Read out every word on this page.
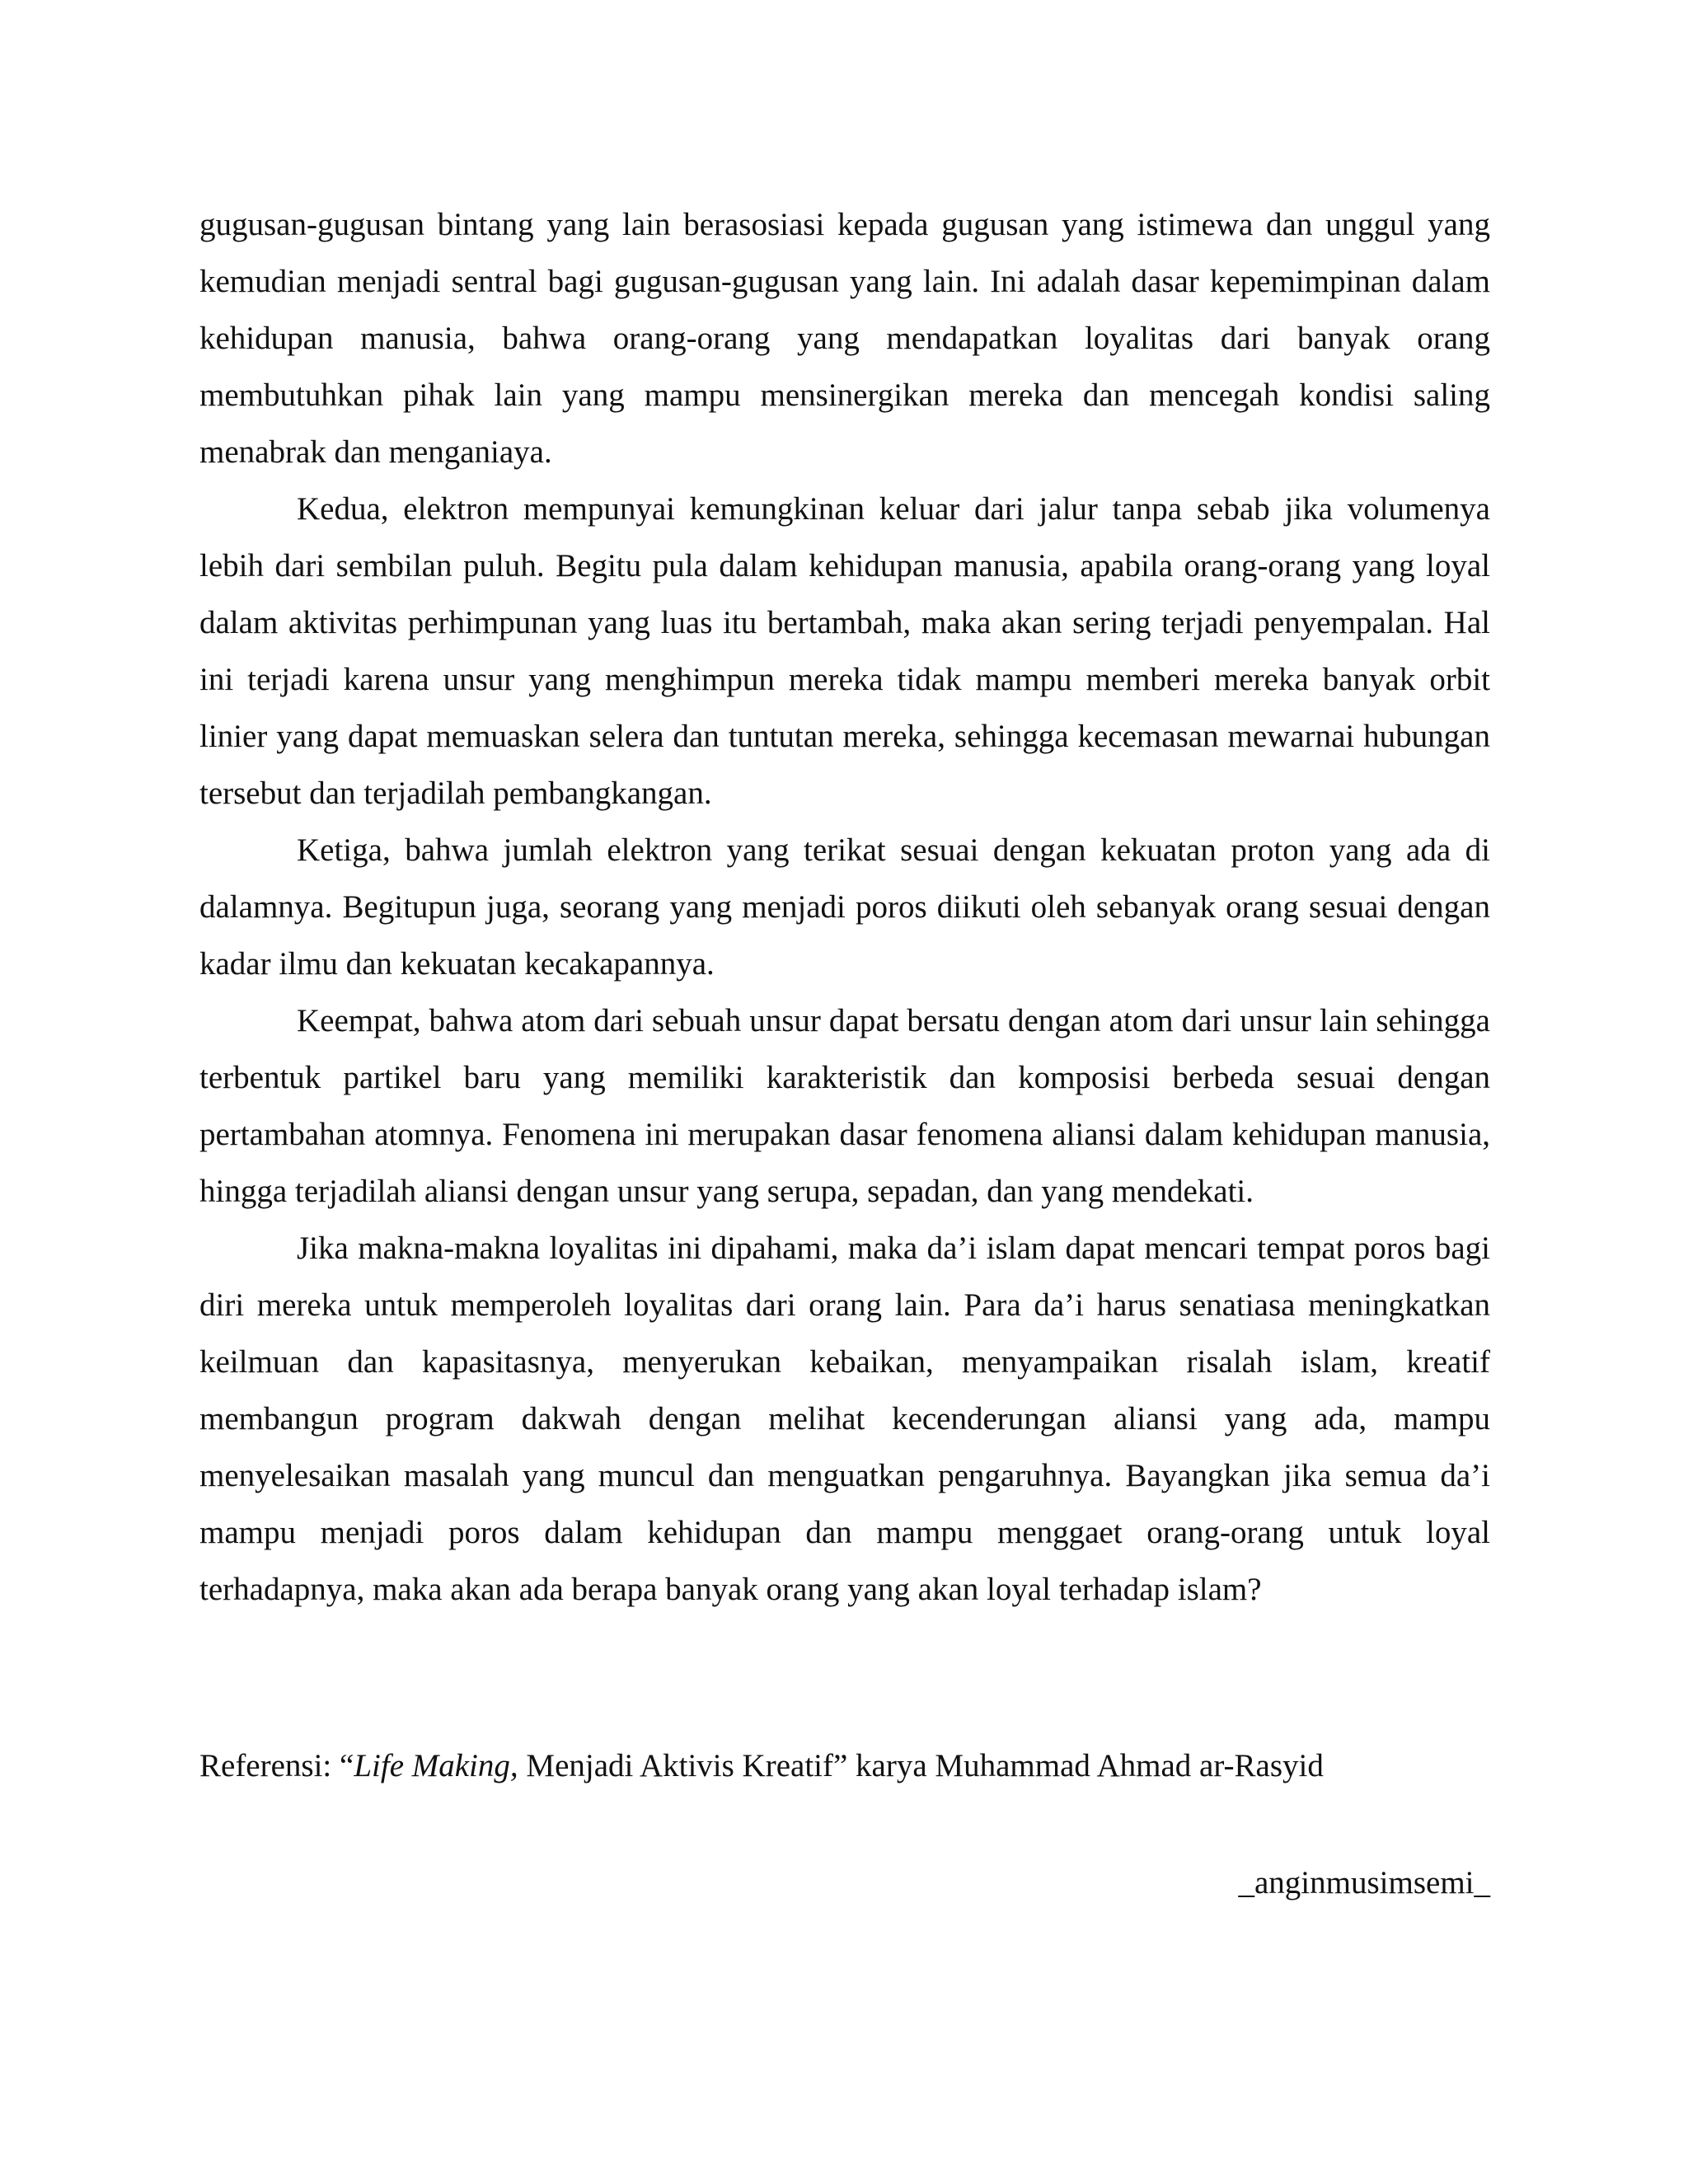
gugusan-gugusan bintang yang lain berasosiasi kepada gugusan yang istimewa dan unggul yang kemudian menjadi sentral bagi gugusan-gugusan yang lain. Ini adalah dasar kepemimpinan dalam kehidupan manusia, bahwa orang-orang yang mendapatkan loyalitas dari banyak orang membutuhkan pihak lain yang mampu mensinergikan mereka dan mencegah kondisi saling menabrak dan menganiaya.

Kedua, elektron mempunyai kemungkinan keluar dari jalur tanpa sebab jika volumenya lebih dari sembilan puluh. Begitu pula dalam kehidupan manusia, apabila orang-orang yang loyal dalam aktivitas perhimpunan yang luas itu bertambah, maka akan sering terjadi penyempalan. Hal ini terjadi karena unsur yang menghimpun mereka tidak mampu memberi mereka banyak orbit linier yang dapat memuaskan selera dan tuntutan mereka, sehingga kecemasan mewarnai hubungan tersebut dan terjadilah pembangkangan.

Ketiga, bahwa jumlah elektron yang terikat sesuai dengan kekuatan proton yang ada di dalamnya. Begitupun juga, seorang yang menjadi poros diikuti oleh sebanyak orang sesuai dengan kadar ilmu dan kekuatan kecakapannya.

Keempat, bahwa atom dari sebuah unsur dapat bersatu dengan atom dari unsur lain sehingga terbentuk partikel baru yang memiliki karakteristik dan komposisi berbeda sesuai dengan pertambahan atomnya. Fenomena ini merupakan dasar fenomena aliansi dalam kehidupan manusia, hingga terjadilah aliansi dengan unsur yang serupa, sepadan, dan yang mendekati.

Jika makna-makna loyalitas ini dipahami, maka da’i islam dapat mencari tempat poros bagi diri mereka untuk memperoleh loyalitas dari orang lain. Para da’i harus senatiasa meningkatkan keilmuan dan kapasitasnya, menyerukan kebaikan, menyampaikan risalah islam, kreatif membangun program dakwah dengan melihat kecenderungan aliansi yang ada, mampu menyelesaikan masalah yang muncul dan menguatkan pengaruhnya. Bayangkan jika semua da’i mampu menjadi poros dalam kehidupan dan mampu menggaet orang-orang untuk loyal terhadapnya, maka akan ada berapa banyak orang yang akan loyal terhadap islam?

Referensi: “Life Making, Menjadi Aktivis Kreatif” karya Muhammad Ahmad ar-Rasyid
_anginmusimsemi_
